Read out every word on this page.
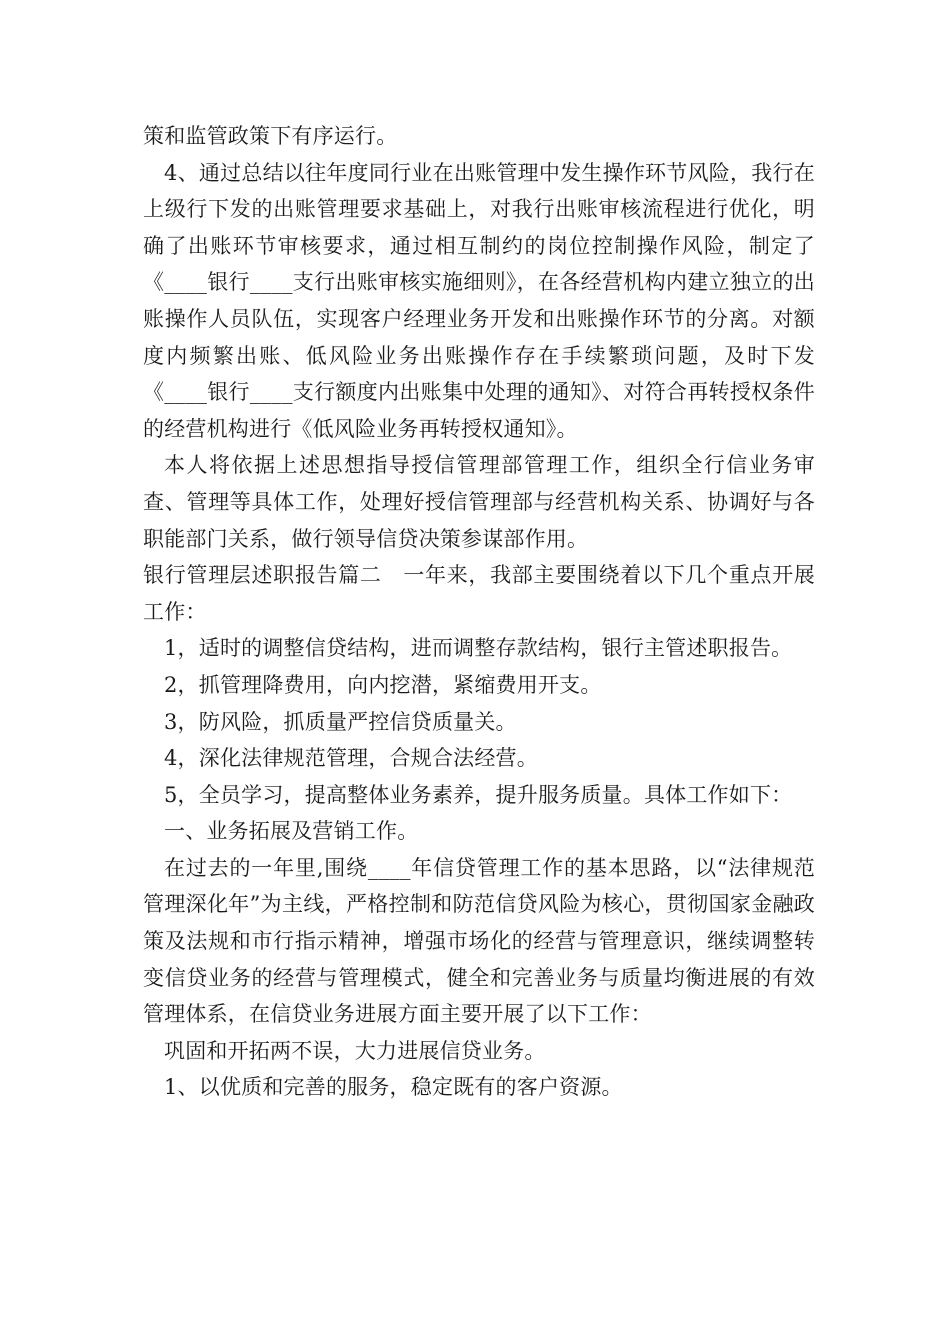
策和监管政策下有序运行。

4、通过总结以往年度同行业在出账管理中发生操作环节风险，我行在上级行下发的出账管理要求基础上，对我行出账审核流程进行优化，明确了出账环节审核要求，通过相互制约的岗位控制操作风险，制定了《____银行____支行出账审核实施细则》，在各经营机构内建立独立的出账操作人员队伍，实现客户经理业务开发和出账操作环节的分离。对额度内频繁出账、低风险业务出账操作存在手续繁琐问题，及时下发《____银行____支行额度内出账集中处理的通知》、对符合再转授权条件的经营机构进行《低风险业务再转授权通知》。

本人将依据上述思想指导授信管理部管理工作，组织全行信业务审查、管理等具体工作，处理好授信管理部与经营机构关系、协调好与各职能部门关系，做行领导信贷决策参谋部作用。

银行管理层述职报告篇二　一年来，我部主要围绕着以下几个重点开展工作：

1，适时的调整信贷结构，进而调整存款结构，银行主管述职报告。

2，抓管理降费用，向内挖潜，紧缩费用开支。

3，防风险，抓质量严控信贷质量关。

4，深化法律规范管理，合规合法经营。

5，全员学习，提高整体业务素养，提升服务质量。具体工作如下：

一、业务拓展及营销工作。

在过去的一年里,围绕____年信贷管理工作的基本思路，以“法律规范管理深化年”为主线，严格控制和防范信贷风险为核心，贯彻国家金融政策及法规和市行指示精神，增强市场化的经营与管理意识，继续调整转变信贷业务的经营与管理模式，健全和完善业务与质量均衡进展的有效管理体系，在信贷业务进展方面主要开展了以下工作：

巩固和开拓两不误，大力进展信贷业务。

1、以优质和完善的服务，稳定既有的客户资源。
